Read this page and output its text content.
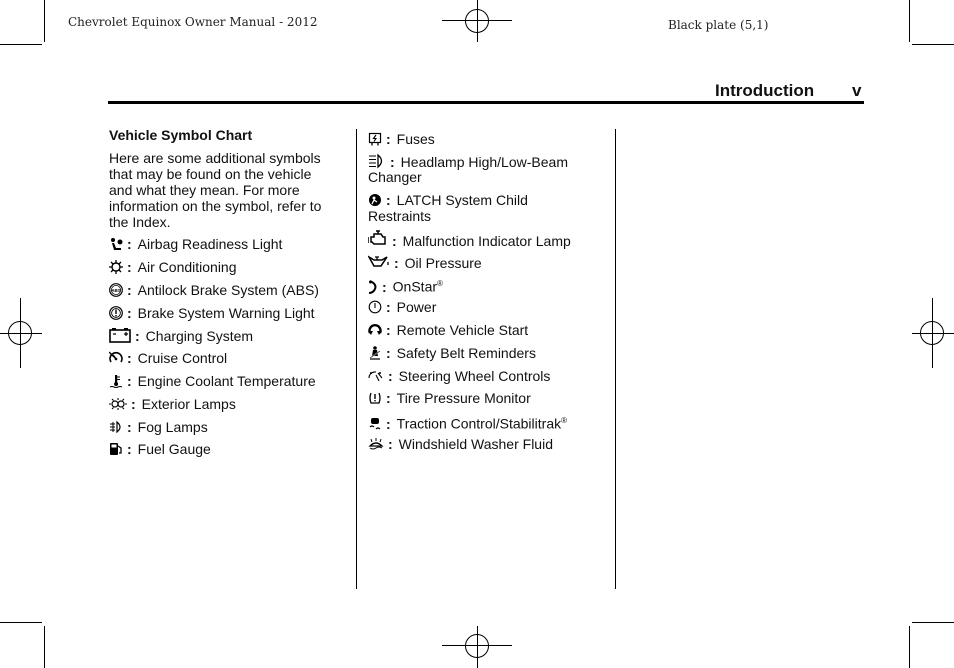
Chevrolet Equinox Owner Manual - 2012	Black plate (5,1)
Introduction v
Vehicle Symbol Chart
Here are some additional symbols
that may be found on the vehicle
and what they mean. For more
information on the symbol, refer to
the Index.
: Airbag Readiness Light
: Air Conditioning
ABS : Antilock Brake System (ABS)
: Brake System Warning Light
: Charging System
: Cruise Control
: Engine Coolant Temperature
: Exterior Lamps
: Fog Lamps
: Fuel Gauge
: Fuses
: Headlamp High/Low-Beam
Changer
: LATCH System Child
Restraints
: Malfunction Indicator Lamp
: Oil Pressure
: OnStar®
: Power
: Remote Vehicle Start
: Safety Belt Reminders
: Steering Wheel Controls
: Tire Pressure Monitor
: Traction Control/Stabilitrak®
: Windshield Washer Fluid
